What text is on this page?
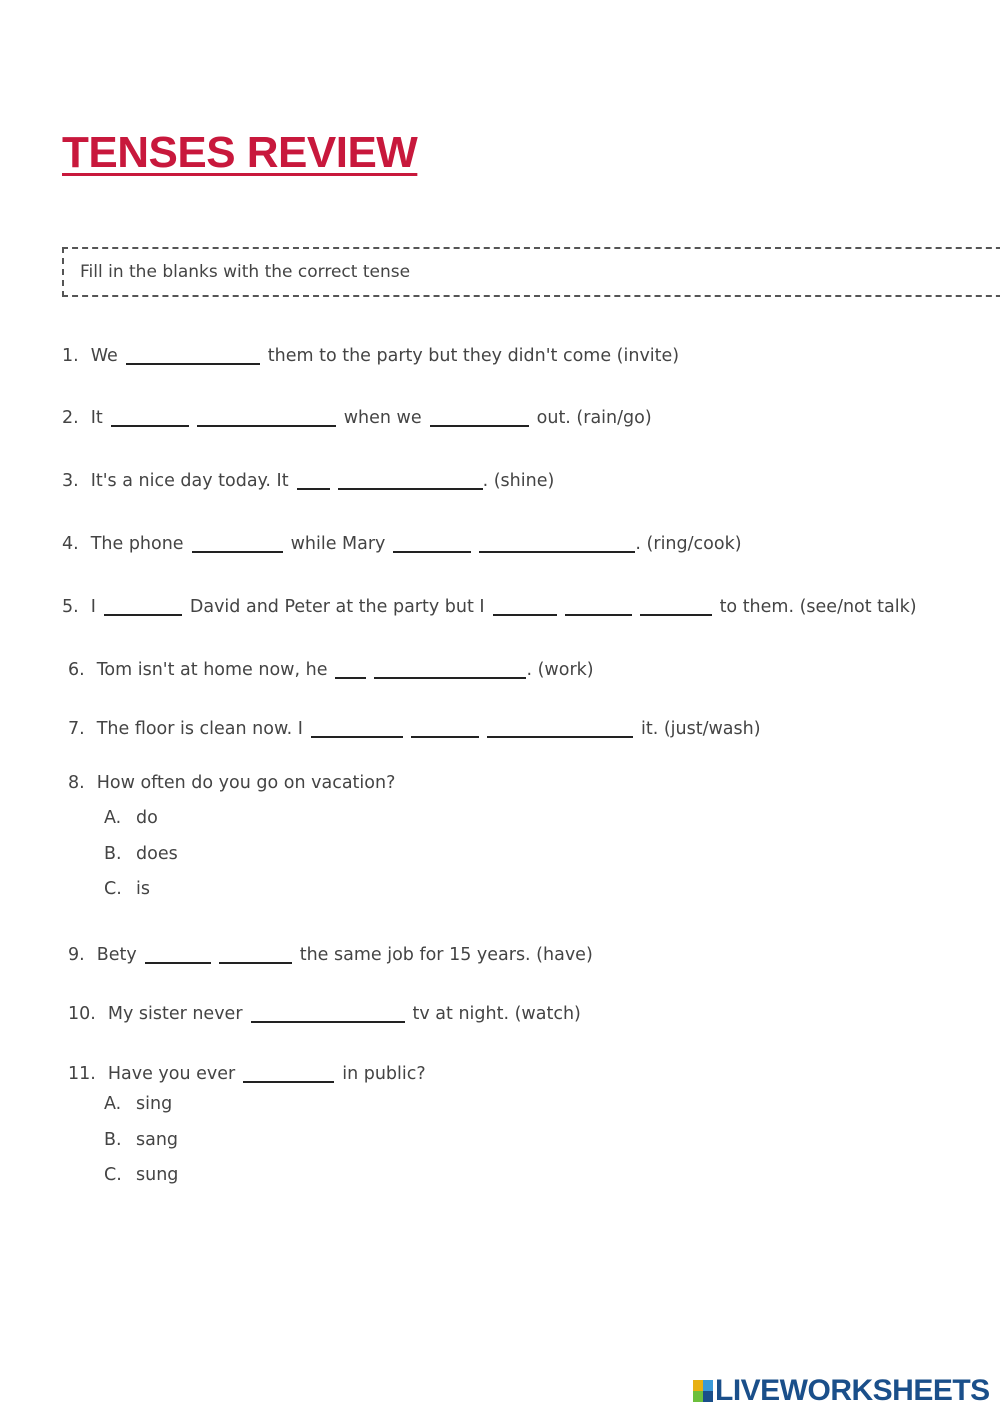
TENSES REVIEW
Fill in the blanks with the correct tense
1. We	them to the party but they didn't come (invite)
2. It	when we	out. (rain/go)
3. It's a nice day today. It	. (shine)
4. The phone	while Mary	. (ring/cook)
5. I	David and Peter at the party but I	to them. (see/not talk)
6. Tom isn't at home now, he	. (work)
7. The floor is clean now. I	it. (just/wash)
8. How often do you go on vacation?
A. do
B. does
C. is
9. Bety	the same job for 15 years. (have)
10. My sister never	tv at night. (watch)
11. Have you ever	in public?
A. sing
B. sang
C. sung
LIVEWORKSHEETS
